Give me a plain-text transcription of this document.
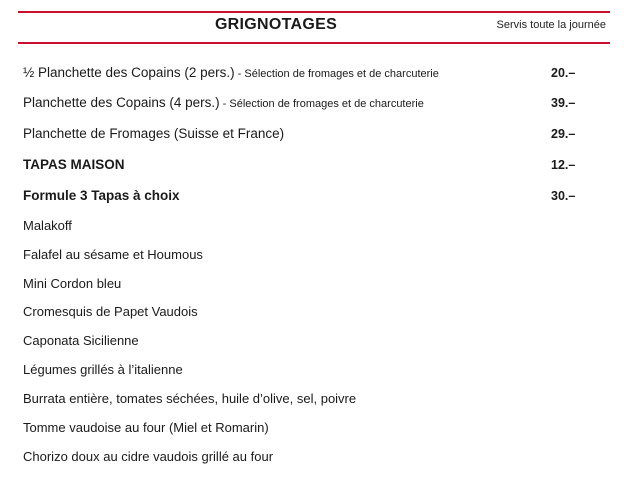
GRIGNOTAGES	Servis toute la journée
½ Planchette des Copains (2 pers.) - Sélection de fromages et de charcuterie	20.–
Planchette des Copains (4 pers.) - Sélection de fromages et de charcuterie	39.–
Planchette de Fromages (Suisse et France)	29.–
TAPAS MAISON	12.–
Formule 3 Tapas à choix	30.–
Malakoff
Falafel au sésame et Houmous
Mini Cordon bleu
Cromesquis de Papet Vaudois
Caponata Sicilienne
Légumes grillés à l’italienne
Burrata entière, tomates séchées, huile d’olive, sel, poivre
Tomme vaudoise au four (Miel et Romarin)
Chorizo doux au cidre vaudois grillé au four
